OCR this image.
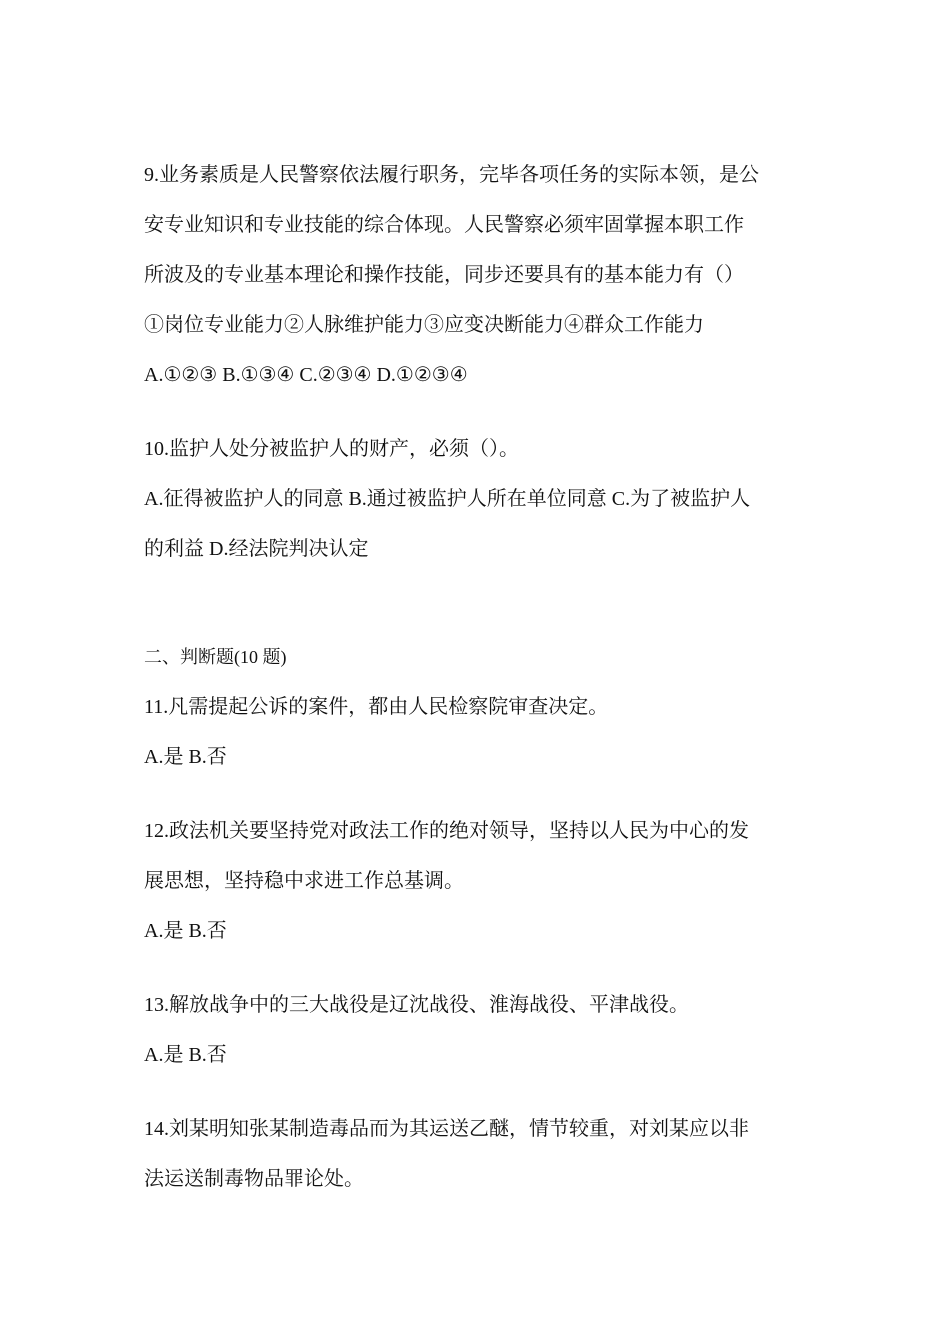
9.业务素质是人民警察依法履行职务，完毕各项任务的实际本领，是公
安专业知识和专业技能的综合体现。人民警察必须牢固掌握本职工作
所波及的专业基本理论和操作技能，同步还要具有的基本能力有（）
①岗位专业能力②人脉维护能力③应变决断能力④群众工作能力
A.①②③ B.①③④ C.②③④ D.①②③④
10.监护人处分被监护人的财产，必须（）。
A.征得被监护人的同意 B.通过被监护人所在单位同意 C.为了被监护人
的利益 D.经法院判决认定
二、判断题(10 题)
11.凡需提起公诉的案件，都由人民检察院审查决定。
A.是 B.否
12.政法机关要坚持党对政法工作的绝对领导，坚持以人民为中心的发
展思想，坚持稳中求进工作总基调。
A.是 B.否
13.解放战争中的三大战役是辽沈战役、淮海战役、平津战役。
A.是 B.否
14.刘某明知张某制造毒品而为其运送乙醚，情节较重，对刘某应以非
法运送制毒物品罪论处。
